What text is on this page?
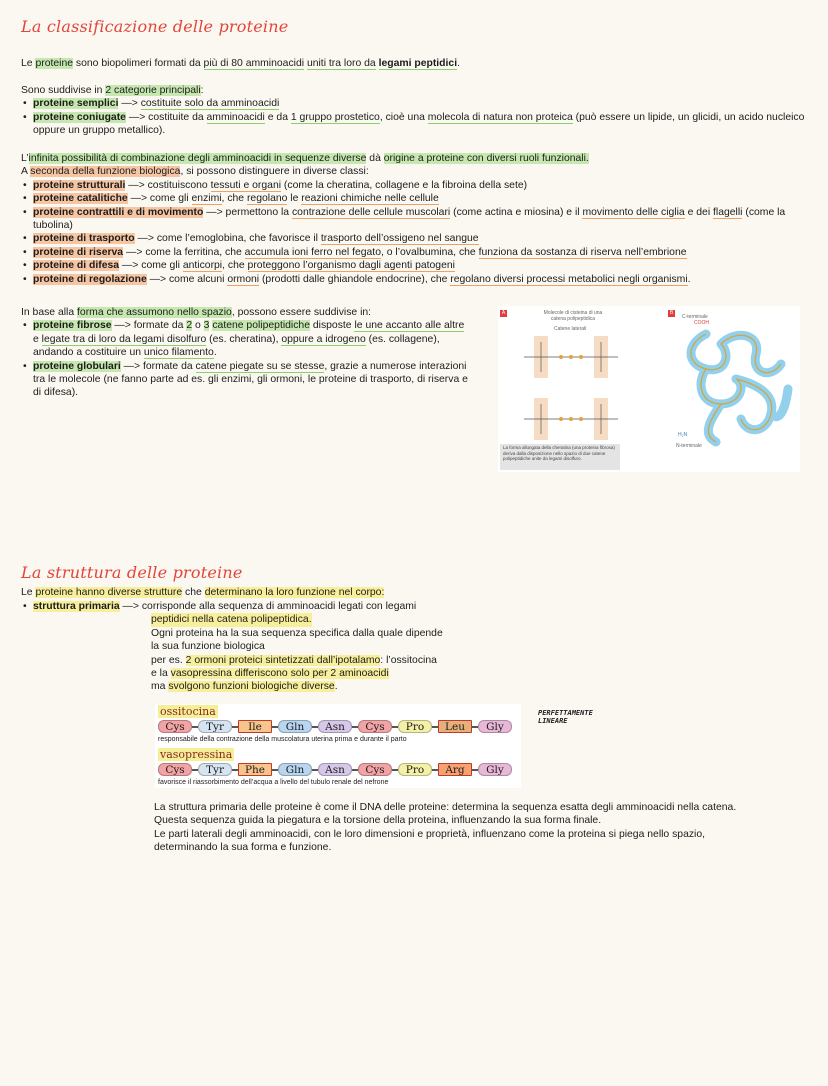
La classificazione delle proteine

Le proteine sono biopolimeri formati da più di 80 amminoacidi uniti tra loro da legami peptidici.

Sono suddivise in 2 categorie principali:

• proteine semplici —> costituite solo da amminoacidi
• proteine coniugate —> costituite da amminoacidi e da 1 gruppo prostetico, cioè una molecola di natura non proteica (può essere un lipide, un glicidi, un acido nucleico oppure un gruppo metallico).

L’infinita possibilità di combinazione degli amminoacidi in sequenze diverse dà origine a proteine con diversi ruoli funzionali.

A seconda della funzione biologica, si possono distinguere in diverse classi:

• proteine strutturali —> costituiscono tessuti e organi (come la cheratina, collagene e la fibroina della sete)
• proteine catalitiche —> come gli enzimi, che regolano le reazioni chimiche nelle cellule
• proteine contrattili e di movimento —> permettono la contrazione delle cellule muscolari (come actina e miosina) e il movimento delle ciglia e dei flagelli (come la tubolina)
• proteine di trasporto —> come l’emoglobina, che favorisce il trasporto dell’ossigeno nel sangue
• proteine di riserva —> come la ferritina, che accumula ioni ferro nel fegato, o l’ovalbumina, che funziona da sostanza di riserva nell’embrione
• proteine di difesa —> come gli anticorpi, che proteggono l’organismo dagli agenti patogeni
• proteine di regolazione —> come alcuni ormoni (prodotti dalle ghiandole endocrine), che regolano diversi processi metabolici negli organismi.

In base alla forma che assumono nello spazio, possono essere suddivise in:

• proteine fibrose —> formate da 2 o 3 catene polipeptidiche disposte le une accanto alle altre e legate tra di loro da legami disolfuro (es. cheratina), oppure a idrogeno (es. collagene), andando a costituire un unico filamento.
• proteine globulari —> formate da catene piegate su se stesse, grazie a numerose interazioni tra le molecole (ne fanno parte ad es. gli enzimi, gli ormoni, le proteine di trasporto, di riserva e di difesa).
A	Molecole di cisteina di una catena polipeptidica
Catene laterali
La forma allungata della cheratina (una proteina fibrosa) deriva dalla disposizione nello spazio di due catene polipeptidiche unite da legami disolfuro.
B
C-terminale
COOH
H₂N
N-terminale
La struttura delle proteine

Le proteine hanno diverse strutture che determinano la loro funzione nel corpo:

• struttura primaria —> corrisponde alla sequenza di amminoacidi legati con legami

peptidici nella catena polipeptidica.

Ogni proteina ha la sua sequenza specifica dalla quale dipende

la sua funzione biologica

per es. 2 ormoni proteici sintetizzati dall’ipotalamo: l’ossitocina

e la vasopressina differiscono solo per 2 aminoacidi

ma svolgono funzioni biologiche diverse.

ossitocina
Cys	Tyr	Ile	Gln	Asn	Cys	Pro	Leu	Gly
responsabile della contrazione della muscolatura uterina prima e durante il parto
vasopressina
Cys	Tyr	Phe	Gln	Asn	Cys	Pro	Arg	Gly
favorisce il riassorbimento dell’acqua a livello del tubulo renale del nefrone
PERFETTAMENTE
LINEARE

La struttura primaria delle proteine è come il DNA delle proteine: determina la sequenza esatta degli amminoacidi nella catena.

Questa sequenza guida la piegatura e la torsione della proteina, influenzando la sua forma finale.

Le parti laterali degli amminoacidi, con le loro dimensioni e proprietà, influenzano come la proteina si piega nello spazio,

determinando la sua forma e funzione.
